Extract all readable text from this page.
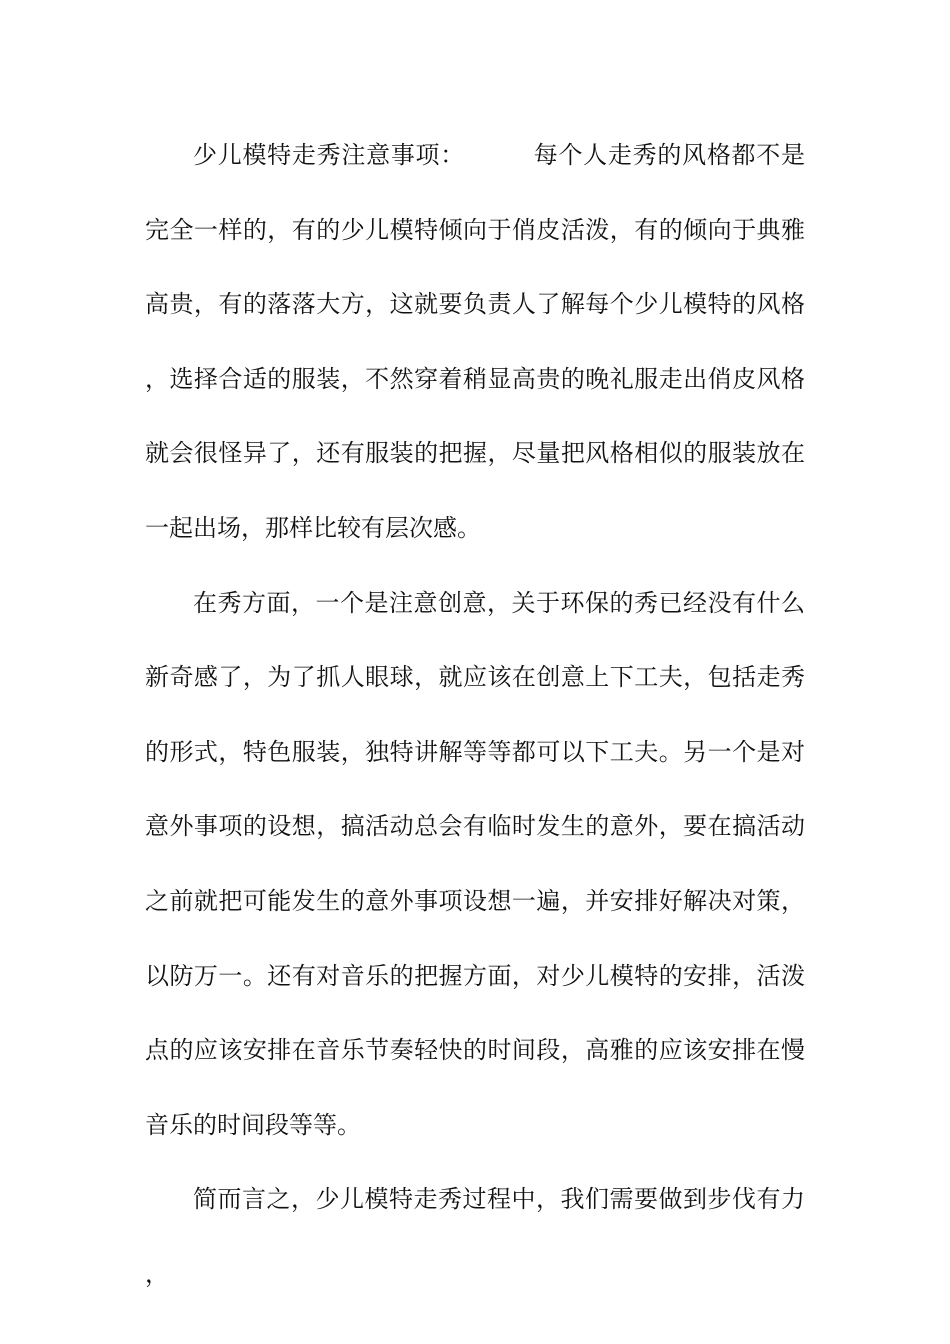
少儿模特走秀注意事项：	每个人走秀的风格都不是完全一样的，有的少儿模特倾向于俏皮活泼，有的倾向于典雅高贵，有的落落大方，这就要负责人了解每个少儿模特的风格，选择合适的服装，不然穿着稍显高贵的晚礼服走出俏皮风格就会很怪异了，还有服装的把握，尽量把风格相似的服装放在一起出场，那样比较有层次感。

在秀方面，一个是注意创意，关于环保的秀已经没有什么新奇感了，为了抓人眼球，就应该在创意上下工夫，包括走秀的形式，特色服装，独特讲解等等都可以下工夫。另一个是对意外事项的设想，搞活动总会有临时发生的意外，要在搞活动之前就把可能发生的意外事项设想一遍，并安排好解决对策，以防万一。还有对音乐的把握方面，对少儿模特的安排，活泼点的应该安排在音乐节奏轻快的时间段，高雅的应该安排在慢音乐的时间段等等。

简而言之，少儿模特走秀过程中，我们需要做到步伐有力，
